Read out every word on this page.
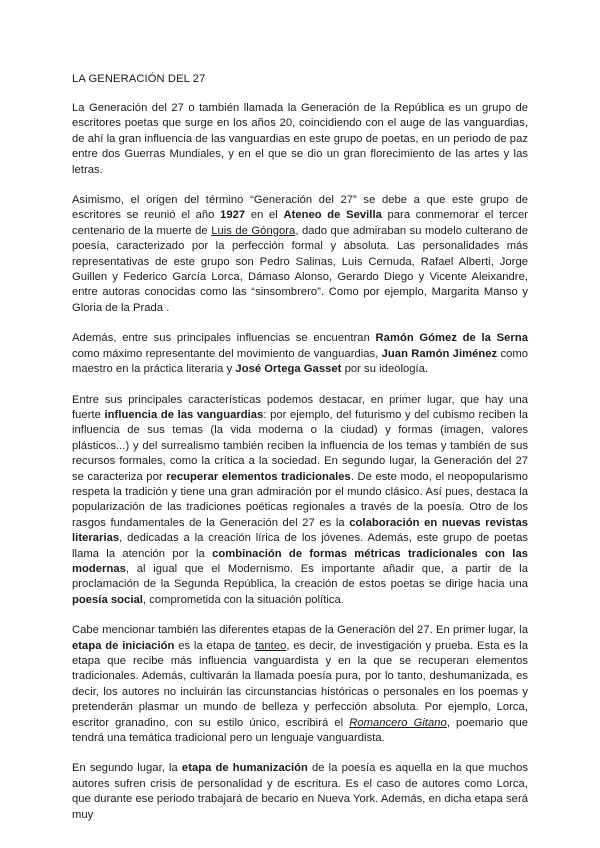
LA GENERACIÓN DEL 27

La Generación del 27 o también llamada la Generación de la República es un grupo de escritores poetas que surge en los años 20, coincidiendo con el auge de las vanguardias, de ahí la gran influencia de las vanguardias en este grupo de poetas, en un periodo de paz entre dos Guerras Mundiales, y en el que se dio un gran florecimiento de las artes y las letras.

Asimismo, el origen del término “Generación del 27” se debe a que este grupo de escritores se reunió el año 1927 en el Ateneo de Sevilla para conmemorar el tercer centenario de la muerte de Luis de Góngora, dado que admiraban su modelo culterano de poesía, caracterizado por la perfección formal y absoluta. Las personalidades más representativas de este grupo son Pedro Salinas, Luis Cernuda, Rafael Alberti, Jorge Guillen y Federico García Lorca, Dámaso Alonso, Gerardo Diego y Vicente Aleixandre, entre autoras conocidas como las “sinsombrero”. Como por ejemplo, Margarita Manso y Gloria de la Prada .

Además, entre sus principales influencias se encuentran Ramón Gómez de la Serna como máximo representante del movimiento de vanguardias, Juan Ramón Jiménez como maestro en la práctica literaria y José Ortega Gasset por su ideología.

Entre sus principales características podemos destacar, en primer lugar, que hay una fuerte influencia de las vanguardias: por ejemplo, del futurismo y del cubismo reciben la influencia de sus temas (la vida moderna o la ciudad) y formas (imagen, valores plásticos...) y del surrealismo también reciben la influencia de los temas y también de sus recursos formales, como la crítica a la sociedad. En segundo lugar, la Generación del 27 se caracteriza por recuperar elementos tradicionales. De este modo, el neopopularismo respeta la tradición y tiene una gran admiración por el mundo clásico. Así pues, destaca la popularización de las tradiciones poéticas regionales a través de la poesía. Otro de los rasgos fundamentales de la Generación del 27 es la colaboración en nuevas revistas literarias, dedicadas a la creación lírica de los jóvenes. Además, este grupo de poetas llama la atención por la combinación de formas métricas tradicionales con las modernas, al igual que el Modernismo. Es importante añadir que, a partir de la proclamación de la Segunda República, la creación de estos poetas se dirige hacia una poesía social, comprometida con la situación política.

Cabe mencionar también las diferentes etapas de la Generación del 27. En primer lugar, la etapa de iniciación es la etapa de tanteo, es decir, de investigación y prueba. Esta es la etapa que recibe más influencia vanguardista y en la que se recuperan elementos tradicionales. Además, cultivarán la llamada poesía pura, por lo tanto, deshumanizada, es decir, los autores no incluirán las circunstancias históricas o personales en los poemas y pretenderán plasmar un mundo de belleza y perfección absoluta. Por ejemplo, Lorca, escritor granadino, con su estilo único, escribirá el Romancero Gitano, poemario que tendrá una temática tradicional pero un lenguaje vanguardista.

En segundo lugar, la etapa de humanización de la poesía es aquella en la que muchos autores sufren crisis de personalidad y de escritura. Es el caso de autores como Lorca, que durante ese periodo trabajará de becario en Nueva York. Además, en dicha etapa será muy
